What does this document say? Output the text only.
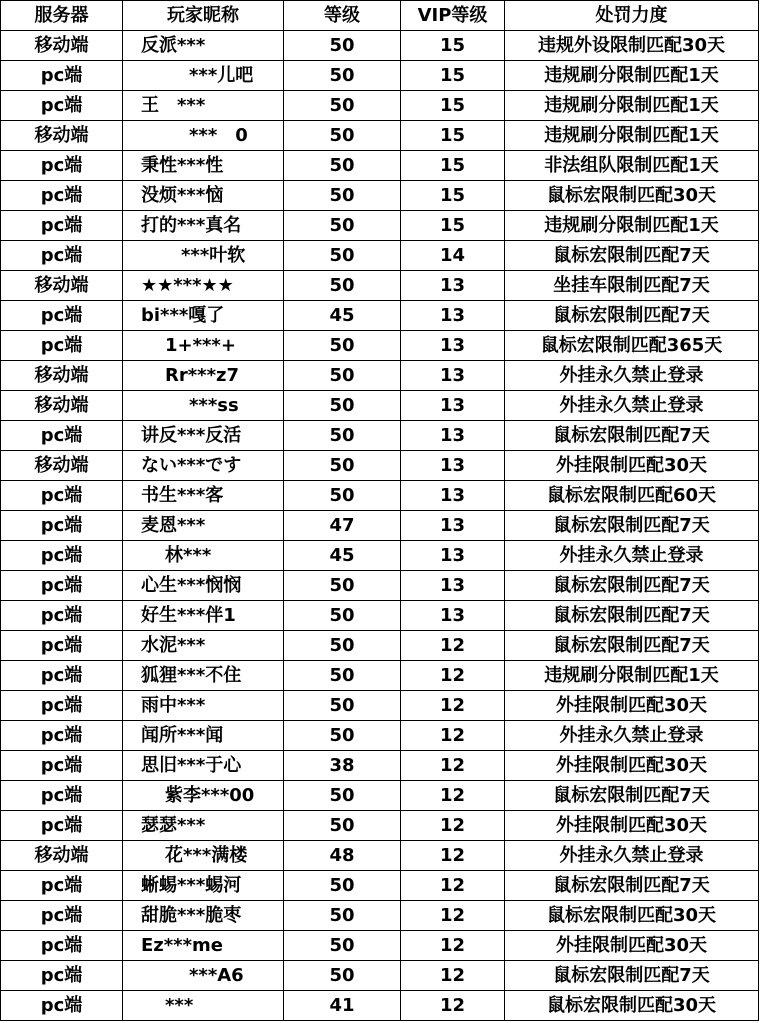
服务器	玩家昵称	等级	VIP等级	处罚力度
移动端	反派***	50	15	违规外设限制匹配30天
pc端	***儿吧	50	15	违规刷分限制匹配1天
pc端	王　***	50	15	违规刷分限制匹配1天
移动端	***　0	50	15	违规刷分限制匹配1天
pc端	秉性***性	50	15	非法组队限制匹配1天
pc端	没烦***恼	50	15	鼠标宏限制匹配30天
pc端	打的***真名	50	15	违规刷分限制匹配1天
pc端	***叶软	50	14	鼠标宏限制匹配7天
移动端	★★***★★	50	13	坐挂车限制匹配7天
pc端	bi***嘎了	45	13	鼠标宏限制匹配7天
pc端	1+***+	50	13	鼠标宏限制匹配365天
移动端	Rr***z7	50	13	外挂永久禁止登录
移动端	***ss	50	13	外挂永久禁止登录
pc端	讲反***反活	50	13	鼠标宏限制匹配7天
移动端	ない***です	50	13	外挂限制匹配30天
pc端	书生***客	50	13	鼠标宏限制匹配60天
pc端	麦恩***	47	13	鼠标宏限制匹配7天
pc端	林***	45	13	外挂永久禁止登录
pc端	心生***悯悯	50	13	鼠标宏限制匹配7天
pc端	好生***伴1	50	13	鼠标宏限制匹配7天
pc端	水泥***	50	12	鼠标宏限制匹配7天
pc端	狐狸***不住	50	12	违规刷分限制匹配1天
pc端	雨中***	50	12	外挂限制匹配30天
pc端	闻所***闻	50	12	外挂永久禁止登录
pc端	思旧***于心	38	12	外挂限制匹配30天
pc端	紫李***00	50	12	鼠标宏限制匹配7天
pc端	瑟瑟***	50	12	外挂限制匹配30天
移动端	花***满楼	48	12	外挂永久禁止登录
pc端	蜥蜴***蜴河	50	12	鼠标宏限制匹配7天
pc端	甜脆***脆枣	50	12	鼠标宏限制匹配30天
pc端	Ez***me	50	12	外挂限制匹配30天
pc端	***A6	50	12	鼠标宏限制匹配7天
pc端	***	41	12	鼠标宏限制匹配30天
